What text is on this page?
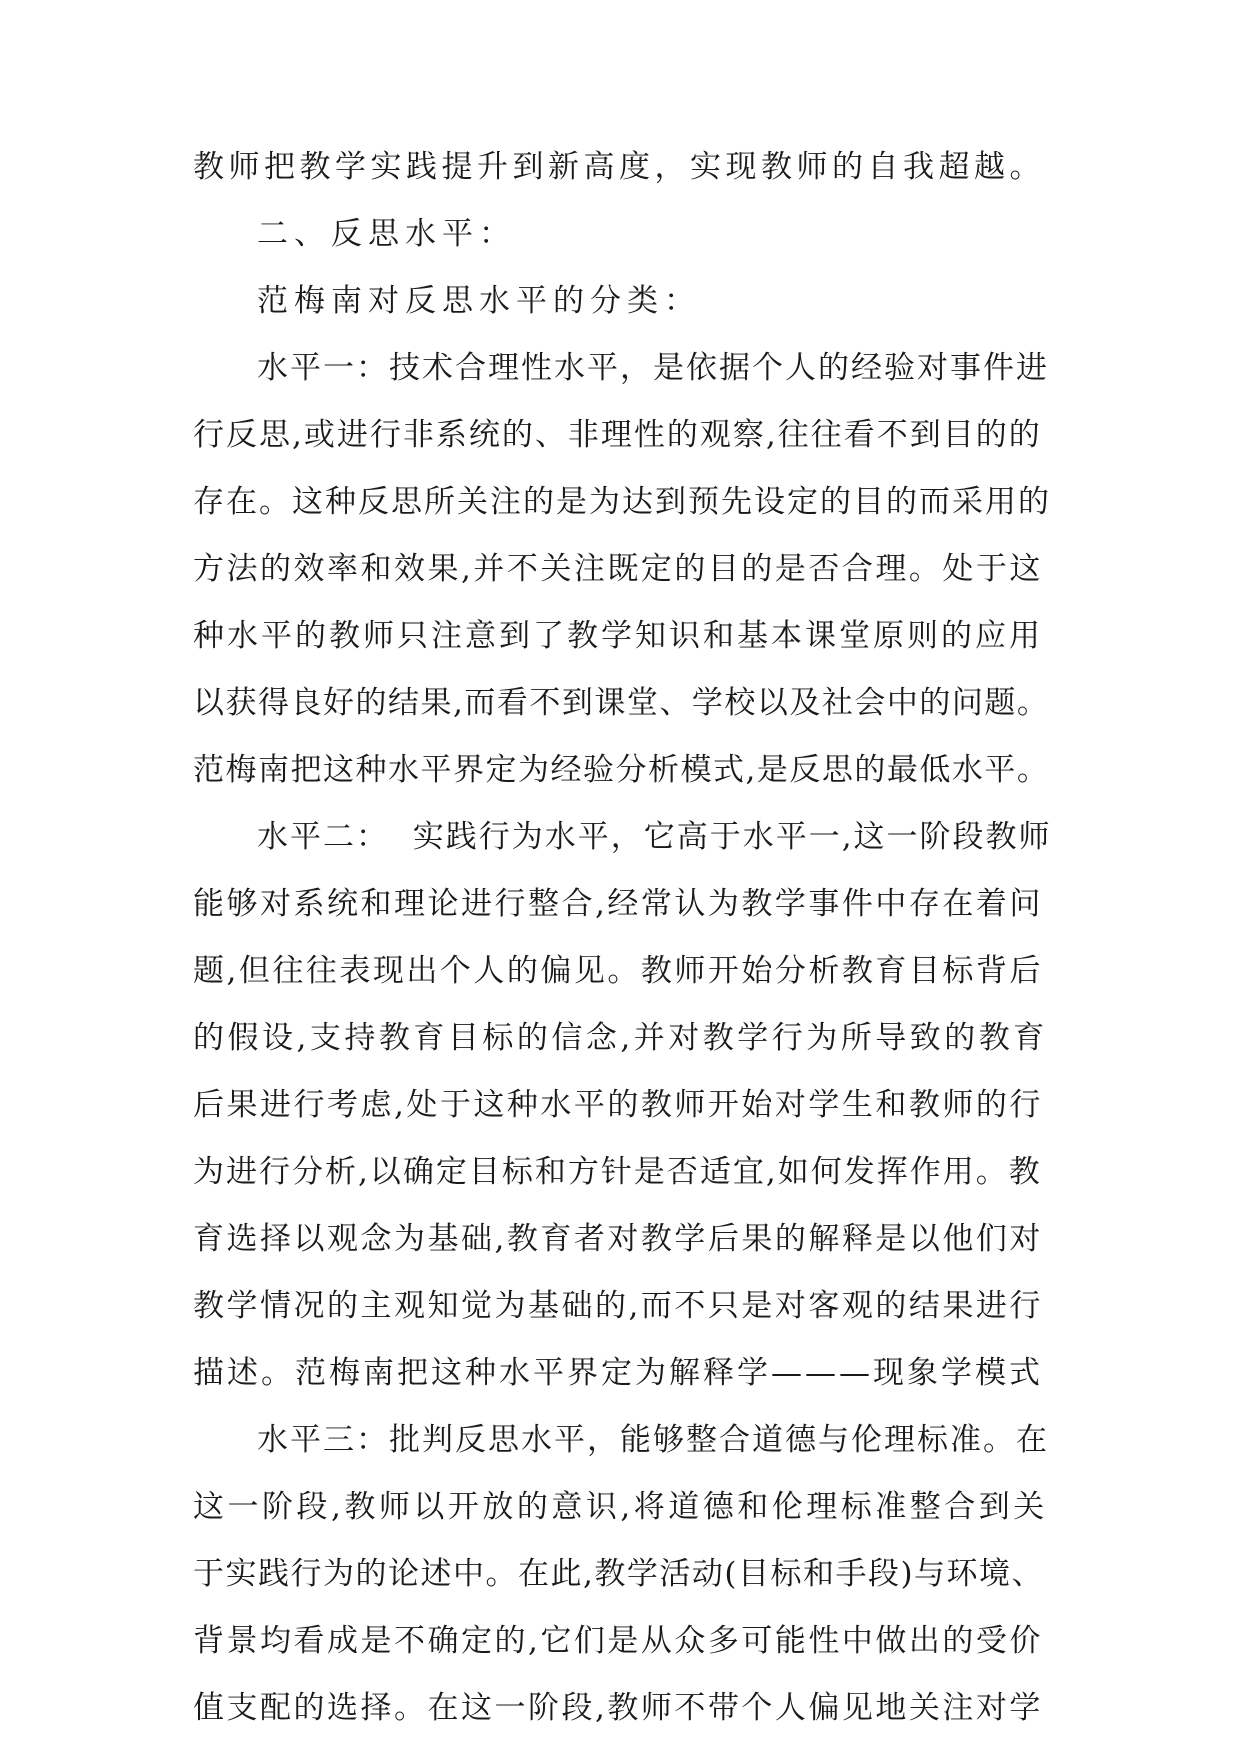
教师把教学实践提升到新高度，实现教师的自我超越。
二、反思水平：
范梅南对反思水平的分类：
水平一：技术合理性水平，是依据个人的经验对事件进
行反思,或进行非系统的、非理性的观察,往往看不到目的的
存在。这种反思所关注的是为达到预先设定的目的而采用的
方法的效率和效果,并不关注既定的目的是否合理。处于这
种水平的教师只注意到了教学知识和基本课堂原则的应用
以获得良好的结果,而看不到课堂、学校以及社会中的问题。
范梅南把这种水平界定为经验分析模式,是反思的最低水平。
水平二：  实践行为水平，它高于水平一,这一阶段教师
能够对系统和理论进行整合,经常认为教学事件中存在着问
题,但往往表现出个人的偏见。教师开始分析教育目标背后
的假设,支持教育目标的信念,并对教学行为所导致的教育
后果进行考虑,处于这种水平的教师开始对学生和教师的行
为进行分析,以确定目标和方针是否适宜,如何发挥作用。教
育选择以观念为基础,教育者对教学后果的解释是以他们对
教学情况的主观知觉为基础的,而不只是对客观的结果进行
描述。范梅南把这种水平界定为解释学———现象学模式
水平三：批判反思水平，能够整合道德与伦理标准。在
这一阶段,教师以开放的意识,将道德和伦理标准整合到关
于实践行为的论述中。在此,教学活动(目标和手段)与环境、
背景均看成是不确定的,它们是从众多可能性中做出的受价
值支配的选择。在这一阶段,教师不带个人偏见地关注对学
